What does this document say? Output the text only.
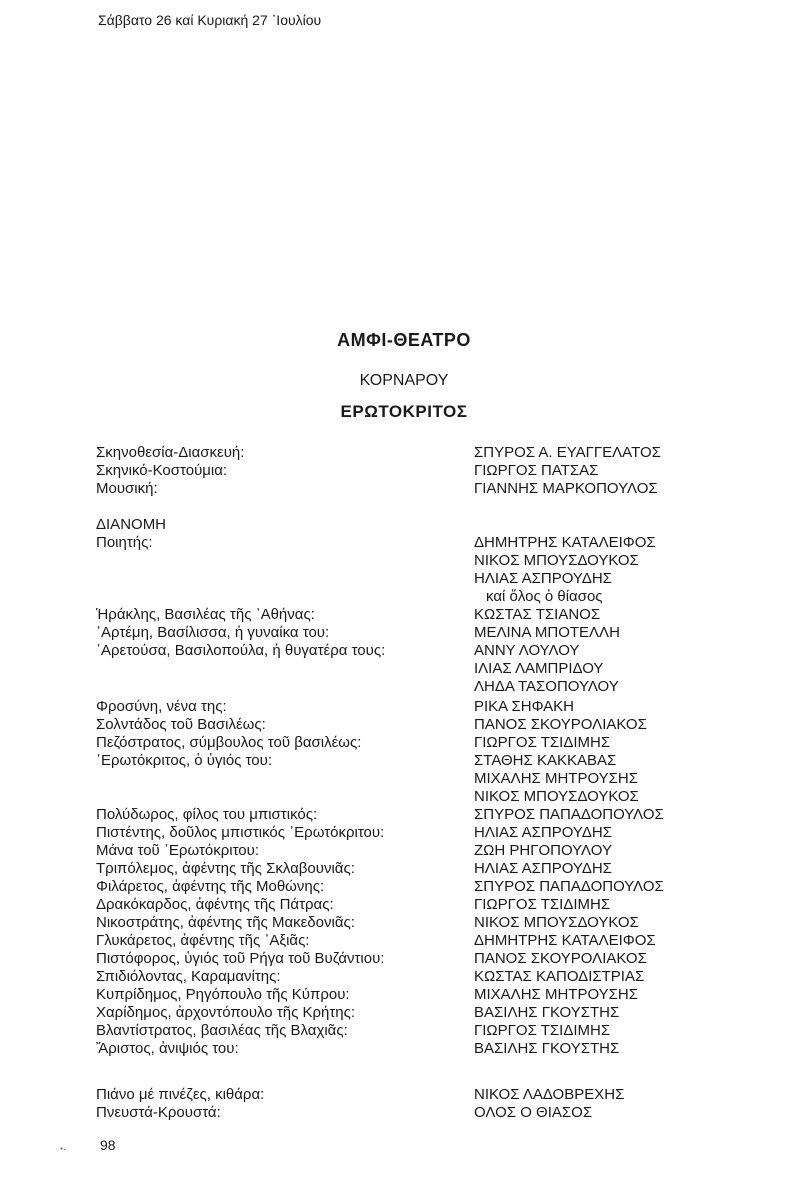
Σάββατο 26 καί Κυριακή 27 ᾿Ιουλίου
ΑΜΦΙ-ΘΕΑΤΡΟ
ΚΟΡΝΑΡΟΥ
ΕΡΩΤΟΚΡΙΤΟΣ
Σκηνοθεσία-Διασκευή:	ΣΠΥΡΟΣ Α. ΕΥΑΓΓΕΛΑΤΟΣ
Σκηνικό-Κοστούμια:	ΓΙΩΡΓΟΣ ΠΑΤΣΑΣ
Μουσική:	ΓΙΑΝΝΗΣ ΜΑΡΚΟΠΟΥΛΟΣ
ΔΙΑΝΟΜΗ
Ποιητής:	ΔΗΜΗΤΡΗΣ ΚΑΤΑΛΕΙΦΟΣ
ΝΙΚΟΣ ΜΠΟΥΣΔΟΥΚΟΣ
ΗΛΙΑΣ ΑΣΠΡΟΥΔΗΣ
καί ὅλος ὁ θίασος
Ἡράκλης, Βασιλέας τῆς ᾿Αθήνας:	ΚΩΣΤΑΣ ΤΣΙΑΝΟΣ
᾿Αρτέμη, Βασίλισσα, ἡ γυναίκα του:	ΜΕΛΙΝΑ ΜΠΟΤΕΛΛΗ
᾿Αρετούσα, Βασιλοπούλα, ἡ θυγατέρα τους:	ΑΝΝΥ ΛΟΥΛΟΥ
ΙΛΙΑΣ ΛΑΜΠΡΙΔΟΥ
ΛΗΔΑ ΤΑΣΟΠΟΥΛΟΥ
Φροσύνη, νένα της:	ΡΙΚΑ ΣΗΦΑΚΗ
Σολντάδος τοῦ Βασιλέως:	ΠΑΝΟΣ ΣΚΟΥΡΟΛΙΑΚΟΣ
Πεζόστρατος, σύμβουλος τοῦ βασιλέως:	ΓΙΩΡΓΟΣ ΤΣΙΔΙΜΗΣ
᾿Ερωτόκριτος, ὁ ὑγιός του:	ΣΤΑΘΗΣ ΚΑΚΚΑΒΑΣ
ΜΙΧΑΛΗΣ ΜΗΤΡΟΥΣΗΣ
ΝΙΚΟΣ ΜΠΟΥΣΔΟΥΚΟΣ
Πολύδωρος, φίλος του μπιστικός:	ΣΠΥΡΟΣ ΠΑΠΑΔΟΠΟΥΛΟΣ
Πιστέντης, δοῦλος μπιστικός ᾿Ερωτόκριτου:	ΗΛΙΑΣ ΑΣΠΡΟΥΔΗΣ
Μάνα τοῦ ᾿Ερωτόκριτου:	ΖΩΗ ΡΗΓΟΠΟΥΛΟΥ
Τριπόλεμος, ἀφέντης τῆς Σκλαβουνιᾶς:	ΗΛΙΑΣ ΑΣΠΡΟΥΔΗΣ
Φιλάρετος, ἀφέντης τῆς Μοθώνης:	ΣΠΥΡΟΣ ΠΑΠΑΔΟΠΟΥΛΟΣ
Δρακόκαρδος, ἀφέντης τῆς Πάτρας:	ΓΙΩΡΓΟΣ ΤΣΙΔΙΜΗΣ
Νικοστράτης, ἀφέντης τῆς Μακεδονιᾶς:	ΝΙΚΟΣ ΜΠΟΥΣΔΟΥΚΟΣ
Γλυκάρετος, ἀφέντης τῆς ᾿Αξιᾶς:	ΔΗΜΗΤΡΗΣ ΚΑΤΑΛΕΙΦΟΣ
Πιστόφορος, ὑγιός τοῦ Ρήγα τοῦ Βυζάντιου:	ΠΑΝΟΣ ΣΚΟΥΡΟΛΙΑΚΟΣ
Σπιδιόλοντας, Καραμανίτης:	ΚΩΣΤΑΣ ΚΑΠΟΔΙΣΤΡΙΑΣ
Κυπρίδημος, Ρηγόπουλο τῆς Κύπρου:	ΜΙΧΑΛΗΣ ΜΗΤΡΟΥΣΗΣ
Χαρίδημος, ἀρχοντόπουλο τῆς Κρήτης:	ΒΑΣΙΛΗΣ ΓΚΟΥΣΤΗΣ
Βλαντίστρατος, βασιλέας τῆς Βλαχιᾶς:	ΓΙΩΡΓΟΣ ΤΣΙΔΙΜΗΣ
Ἄριστος, ἀνιψιός του:	ΒΑΣΙΛΗΣ ΓΚΟΥΣΤΗΣ
Πιάνο μέ πινέζες, κιθάρα:	ΝΙΚΟΣ ΛΑΔΟΒΡΕΧΗΣ
Πνευστά-Κρουστά:	ΟΛΟΣ Ο ΘΙΑΣΟΣ
98
